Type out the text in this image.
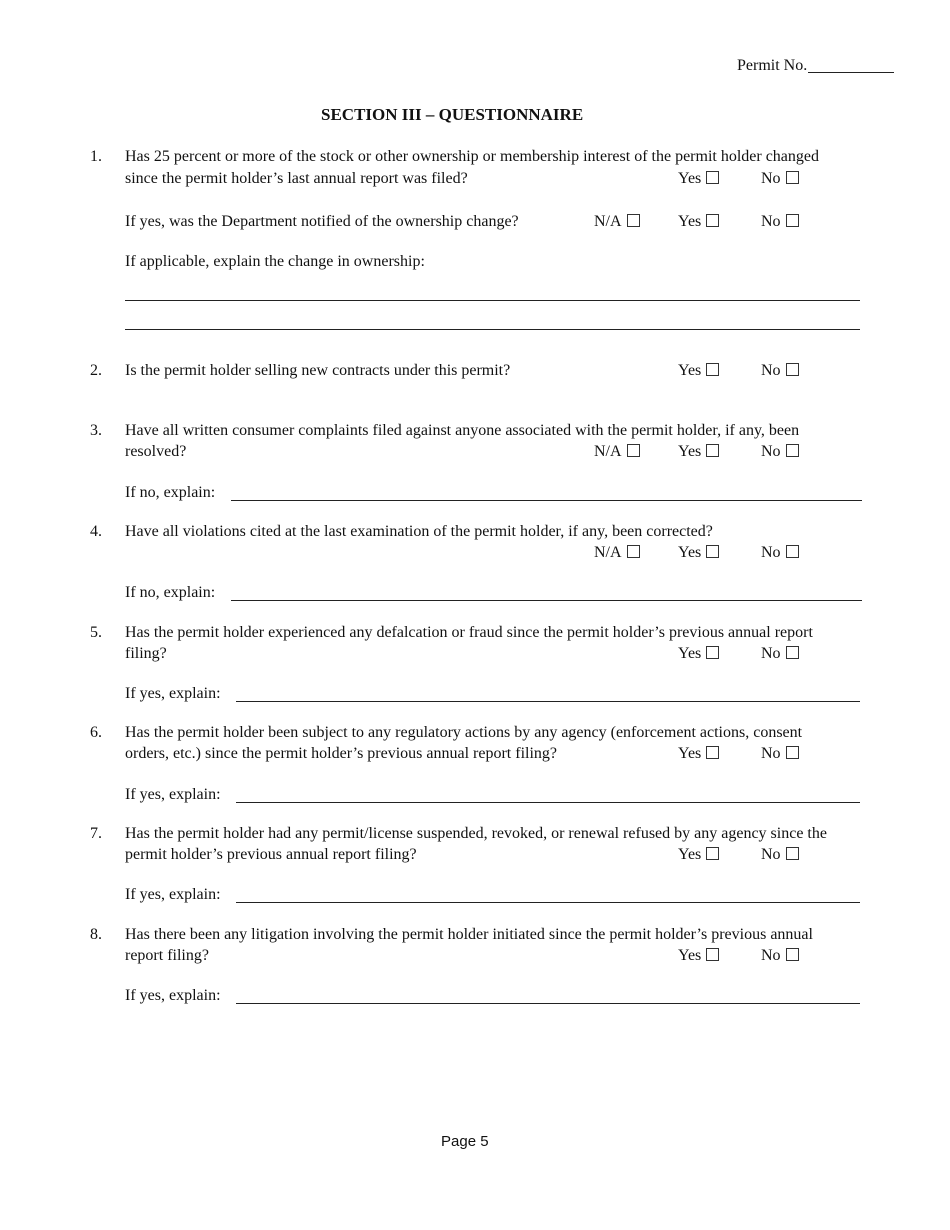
Permit No.
SECTION III – QUESTIONNAIRE
1. Has 25 percent or more of the stock or other ownership or membership interest of the permit holder changed
since the permit holder’s last annual report was filed?	Yes	No
If yes, was the Department notified of the ownership change?	N/A	Yes	No
If applicable, explain the change in ownership:
2. Is the permit holder selling new contracts under this permit?	Yes	No
3. Have all written consumer complaints filed against anyone associated with the permit holder, if any, been
resolved?	N/A	Yes	No
If no, explain:
4. Have all violations cited at the last examination of the permit holder, if any, been corrected?
N/A	Yes	No
If no, explain:
5. Has the permit holder experienced any defalcation or fraud since the permit holder’s previous annual report
filing?	Yes	No
If yes, explain:
6. Has the permit holder been subject to any regulatory actions by any agency (enforcement actions, consent
orders, etc.) since the permit holder’s previous annual report filing?	Yes	No
If yes, explain:
7. Has the permit holder had any permit/license suspended, revoked, or renewal refused by any agency since the
permit holder’s previous annual report filing?	Yes	No
If yes, explain:
8. Has there been any litigation involving the permit holder initiated since the permit holder’s previous annual
report filing?	Yes	No
If yes, explain:
Page 5
